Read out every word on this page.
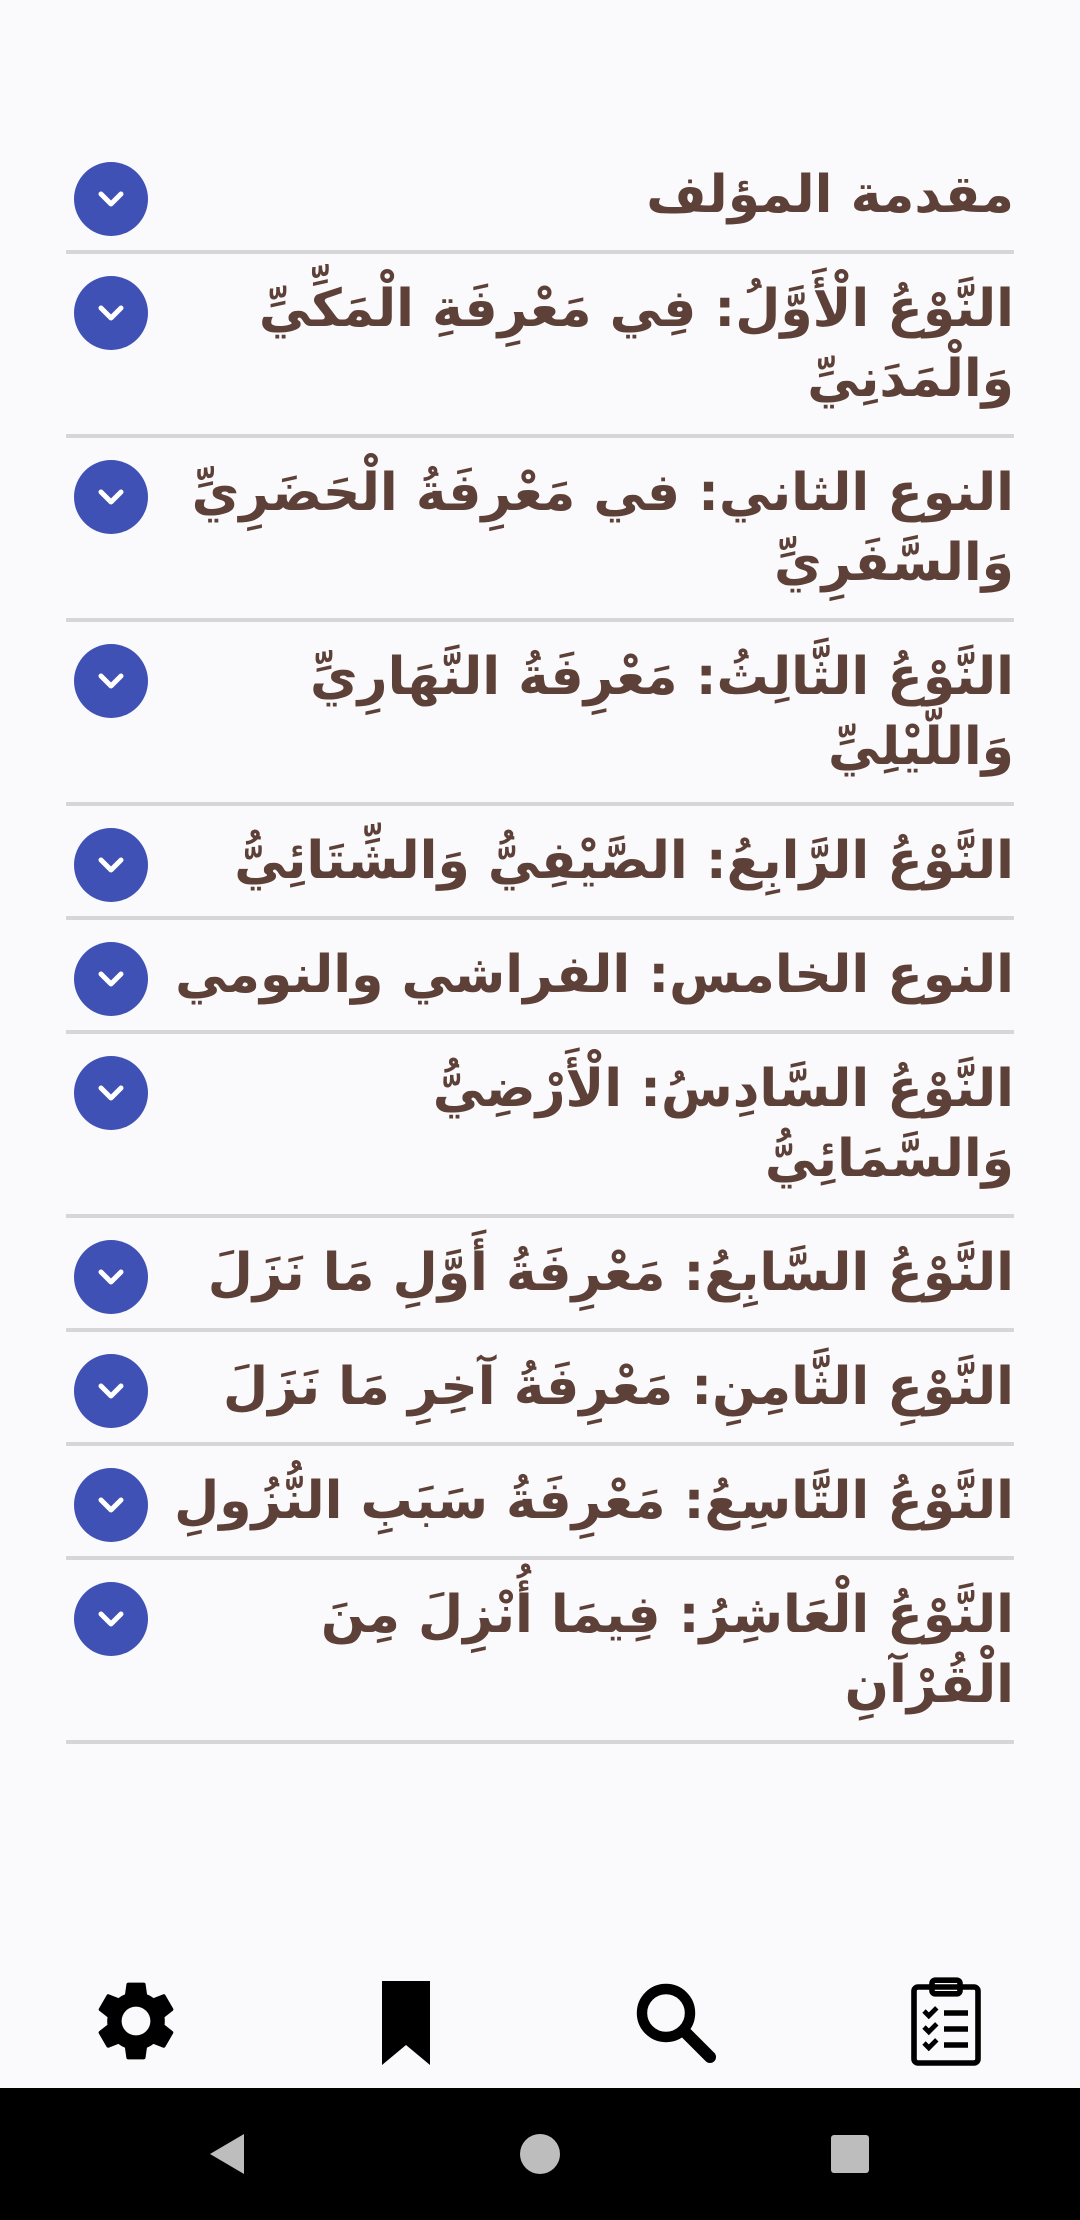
مقدمة المؤلف

النَّوْعُ الْأَوَّلُ: فِي مَعْرِفَةِ الْمَكِّيِّ وَالْمَدَنِيِّ

النوع الثاني: في مَعْرِفَةُ الْحَضَرِيِّ وَالسَّفَرِيِّ

النَّوْعُ الثَّالِثُ: مَعْرِفَةُ النَّهَارِيِّ وَاللَّيْلِيِّ

النَّوْعُ الرَّابِعُ: الصَّيْفِيُّ وَالشِّتَائِيُّ

النوع الخامس: الفراشي والنومي

النَّوْعُ السَّادِسُ: الْأَرْضِيُّ وَالسَّمَائِيُّ

النَّوْعُ السَّابِعُ: مَعْرِفَةُ أَوَّلِ مَا نَزَلَ

النَّوْعِ الثَّامِنِ: مَعْرِفَةُ آخِرِ مَا نَزَلَ

النَّوْعُ التَّاسِعُ: مَعْرِفَةُ سَبَبِ النُّزُولِ

النَّوْعُ الْعَاشِرُ: فِيمَا أُنْزِلَ مِنَ الْقُرْآنِ
